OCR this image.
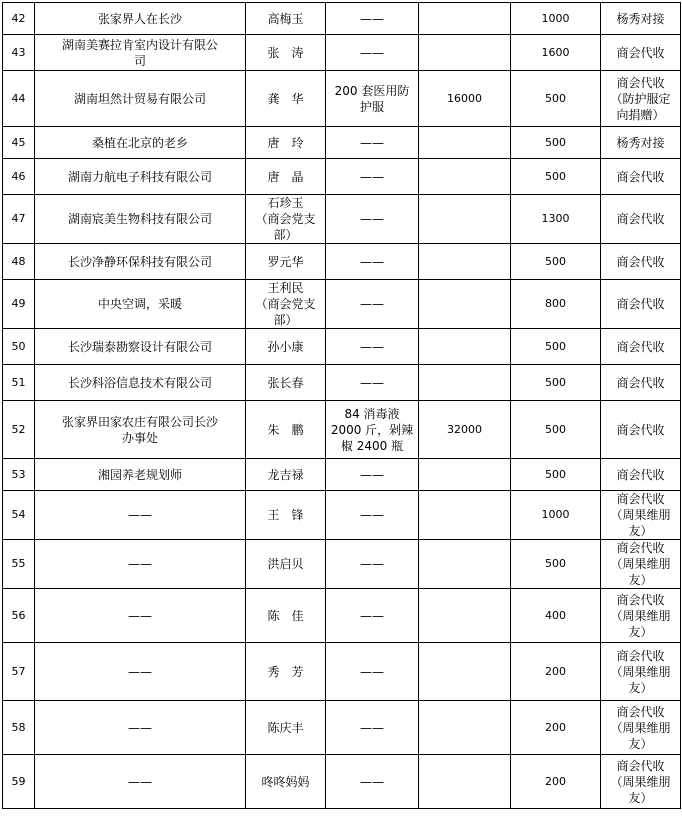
42	张家界人在长沙	高梅玉	——		1000	杨秀对接
43	湖南美赛拉肯室内设计有限公
司	张　涛	——		1600	商会代收
44	湖南坦然计贸易有限公司	龚　华	200 套医用防
护服	16000	500	商会代收
（防护服定
向捐赠）
45	桑植在北京的老乡	唐　玲	——		500	杨秀对接
46	湖南力航电子科技有限公司	唐　晶	——		500	商会代收
47	湖南宸美生物科技有限公司	石珍玉
（商会党支部）	——		1300	商会代收
48	长沙净静环保科技有限公司	罗元华	——		500	商会代收
49	中央空调，采暖	王利民
（商会党支部）	——		800	商会代收
50	长沙瑞泰勘察设计有限公司	孙小康	——		500	商会代收
51	长沙科浴信息技术有限公司	张长春	——		500	商会代收
52	张家界田家农庄有限公司长沙
办事处	朱　鹏	84 消毒液
2000 斤，剁辣
椒 2400 瓶	32000	500	商会代收
53	湘园养老规划师	龙吉禄	——		500	商会代收
54	——	王　锋	——		1000	商会代收
（周果维朋
友）
55	——	洪启贝	——		500	商会代收
（周果维朋
友）
56	——	陈　佳	——		400	商会代收
（周果维朋
友）
57	——	秀　芳	——		200	商会代收
（周果维朋
友）
58	——	陈庆丰	——		200	商会代收
（周果维朋
友）
59	——	咚咚妈妈	——		200	商会代收
（周果维朋
友）
